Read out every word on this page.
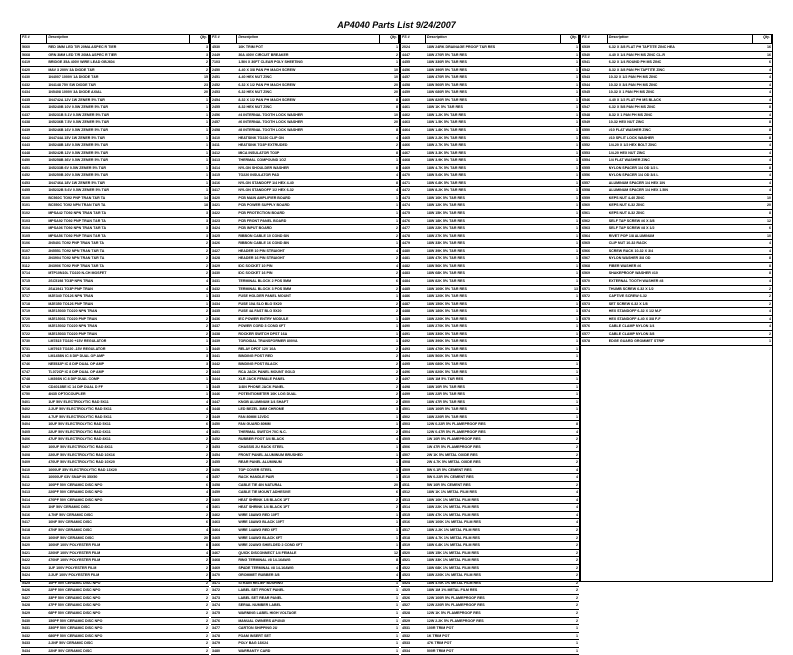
AP4040 Parts List 9/24/2007
FS #	Description	Qty.
5660	RED 3MM LED T/R 20MA ASPEC R TIER	3
5668	GRN 3MM LED T/R 20MA ASPEC R TIER	3
6419	BRIDGE 35A 400V WIRE LEAD GBJ604	2
6420	MAV 3 200V 3A DIODE T&R	2
6430	1N4007 1000V 1A DIODE T&R	15
6432	1N4148 75V SW DIODE T&R	23
6434	1N5408 1000V 3A DIODE AXIAL	20
6435	1N4742A 12V 1W ZENER 5% T&R	1
6436	1N5240B 10V 0.5W ZENER 5% T&R	1
6437	1N5231B 5.1V 0.5W ZENER 5% T&R	1
6438	1N5236B 7.5V 0.5W ZENER 5% T&R	1
6439	1N5246B 16V 0.5W ZENER 5% T&R	1
6442	1N4744A 15V 1W ZENER 5% T&R	1
6443	1N5248B 18V 0.5W ZENER 5% T&R	1
6448	1N5242B 12V 0.5W ZENER 5% T&R	1
6450	1N5258B 36V 0.5W ZENER 5% T&R	1
6451	1N5233B 6V 0.5W ZENER 5% T&R	1
6452	1N5250B 20V 0.5W ZENER 5% T&R	1
6453	1N4746A 18V 1W ZENER 5% T&R	1
6455	1N5232B 5.6V 0.5W ZENER 5% T&R	1
5100	BC560C TO92 PNP TRAN T&R TA	14
5101	BC550C TO92 NPN TRAN T&R TA	18
5102	MPSA42 TO92 NPN TRAN T&R TA	3
5103	MPSA92 TO92 PNP TRAN T&R TA	3
5104	MPSA06 TO92 NPN TRAN T&R TA	3
5105	MPSA56 TO92 PNP TRAN T&R TA	3
5106	2N5401 TO92 PNP TRAN T&R TA	2
5107	2N5551 TO92 NPN TRAN T&R TA	2
5110	2N3904 TO92 NPN TRAN T&R TA	2
5112	2N3906 TO92 PNP TRAN T&R TA	2
5714	MTP10N10L TO220 N-CH MOSFET	2
5715	2SC5198 TO3P NPN TRAN	4
5716	2SA1941 TO3P PNP TRAN	4
5717	MJE340 TO126 NPN TRAN	1
5718	MJE350 TO126 PNP TRAN	1
5719	MJE15030 TO220 NPN TRAN	2
5720	MJE15031 TO220 PNP TRAN	2
5721	MJE15032 TO220 NPN TRAN	2
5722	MJE15033 TO220 PNP TRAN	2
5730	LM7815 TO220 +15V REGULATOR	1
5731	LM7915 TO220 -15V REGULATOR	1
6745	LM1458N IC 8 DIP DUAL OP AMP	3
6746	NE5532P IC 8 DIP DUAL OP AMP	3
6747	TL072CP IC 8 DIP DUAL OP AMP	2
6748	LM393N IC 8 DIP DUAL COMP	1
6749	CD4013BE IC 14 DIP DUAL D FF	1
6750	4N35 OPTOCOUPLER	1
5401	1UF 50V ELECTROLYTIC RAD 5X11	4
5402	2.2UF 50V ELECTROLYTIC RAD 5X11	4
5403	4.7UF 50V ELECTROLYTIC RAD 5X11	2
5404	10UF 50V ELECTROLYTIC RAD 5X11	6
5405	22UF 50V ELECTROLYTIC RAD 6X11	4
5406	47UF 50V ELECTROLYTIC RAD 8X11	2
5407	100UF 50V ELECTROLYTIC RAD 8X11	2
5408	220UF 50V ELECTROLYTIC RAD 10X16	2
5409	470UF 50V ELECTROLYTIC RAD 10X20	2
5410	1000UF 35V ELECTROLYTIC RAD 13X20	2
5411	10000UF 63V SNAP IN 35X50	4
5412	100PF 50V CERAMIC DISC NPO	6
5413	220PF 50V CERAMIC DISC NPO	4
5414	470PF 50V CERAMIC DISC NPO	2
5415	1NF 50V CERAMIC DISC	4
5416	4.7NF 50V CERAMIC DISC	2
5417	10NF 50V CERAMIC DISC	6
5418	47NF 50V CERAMIC DISC	4
5419	100NF 50V CERAMIC DISC	20
5420	100NF 100V POLYESTER FILM	8
5421	220NF 100V POLYESTER FILM	4
5422	470NF 100V POLYESTER FILM	2
5423	1UF 100V POLYESTER FILM	2
5424	2.2UF 100V POLYESTER FILM	2
5425	10PF 50V CERAMIC DISC NPO	2
5426	22PF 50V CERAMIC DISC NPO	2
5427	33PF 50V CERAMIC DISC NPO	2
5428	47PF 50V CERAMIC DISC NPO	2
5429	68PF 50V CERAMIC DISC NPO	2
5430	150PF 50V CERAMIC DISC NPO	2
5431	330PF 50V CERAMIC DISC NPO	2
5432	680PF 50V CERAMIC DISC NPO	2
5433	2.2NF 50V CERAMIC DISC	2
5434	22NF 50V CERAMIC DISC	2
FS #	Description	Qty.
4530	10K TRIM POT	1
2449	30A 400V CIRCUIT BREAKER	2
7103	1.5IN X 30FT CLEAR POLY SHEETING	1
2450	4-40 X 3/8 PAN PH MACH SCREW	10
2451	4-40 HEX NUT ZINC	10
2452	6-32 X 1/2 PAN PH MACH SCREW	20
2453	6-32 HEX NUT ZINC	20
2454	8-32 X 1/2 PAN PH MACH SCREW	8
2455	8-32 HEX NUT ZINC	8
2456	#4 INTERNAL TOOTH LOCK WASHER	10
2457	#6 INTERNAL TOOTH LOCK WASHER	20
2458	#8 INTERNAL TOOTH LOCK WASHER	8
3410	HEATSINK TO220 CLIP ON	4
3411	HEATSINK TO3P EXTRUDED	2
3412	MICA INSULATOR TO3P	8
3413	THERMAL COMPOUND 1OZ	1
3414	NYLON SHOULDER WASHER	8
3415	TO220 INSULATOR PAD	4
3416	NYLON STANDOFF 1/4 HEX 4-40	8
3417	NYLON STANDOFF 1/2 HEX 6-32	4
3420	PCB MAIN AMPLIFIER BOARD	1
3421	PCB POWER SUPPLY BOARD	1
3422	PCB PROTECTION BOARD	1
3423	PCB FRONT PANEL BOARD	1
3424	PCB INPUT BOARD	2
3425	RIBBON CABLE 10 COND 6IN	2
3426	RIBBON CABLE 16 COND 8IN	1
3427	HEADER 10 PIN STRAIGHT	4
3428	HEADER 16 PIN STRAIGHT	2
3429	IDC SOCKET 10 PIN	4
3430	IDC SOCKET 16 PIN	2
3431	TERMINAL BLOCK 2 POS 5MM	6
3432	TERMINAL BLOCK 3 POS 5MM	2
3433	FUSE HOLDER PANEL MOUNT	1
3434	FUSE 10A SLO BLO 5X20	2
3435	FUSE 4A FAST BLO 5X20	2
3436	IEC POWER ENTRY MODULE	1
3437	POWER CORD 3 COND 6FT	1
3438	ROCKER SWITCH DPST 16A	1
3439	TOROIDAL TRANSFORMER 800VA	1
3440	RELAY DPDT 12V 10A	2
3441	BINDING POST RED	2
3442	BINDING POST BLACK	2
3443	RCA JACK PANEL MOUNT GOLD	2
3444	XLR JACK FEMALE PANEL	2
3445	1/4IN PHONE JACK PANEL	2
3446	POTENTIOMETER 10K LOG DUAL	2
3447	KNOB ALUMINUM 1/4 SHAFT	2
3448	LED BEZEL 3MM CHROME	3
3449	FAN 80MM 12VDC	1
3450	FAN GUARD 80MM	1
3451	THERMAL SWITCH 70C N.C.	2
3452	RUBBER FOOT 3/4 BLACK	4
3453	CHASSIS 2U RACK STEEL	1
3454	FRONT PANEL ALUMINUM BRUSHED	1
3455	REAR PANEL ALUMINUM	1
3456	TOP COVER STEEL	1
3457	RACK HANDLE PAIR	1
3458	CABLE TIE 4IN NATURAL	20
3459	CABLE TIE MOUNT ADHESIVE	6
3460	HEAT SHRINK 1/8 BLACK 1FT	2
3461	HEAT SHRINK 1/4 BLACK 1FT	2
3462	WIRE 18AWG RED 10FT	1
3463	WIRE 18AWG BLACK 10FT	1
3464	WIRE 14AWG RED 6FT	1
3465	WIRE 14AWG BLACK 6FT	1
3466	WIRE 22AWG SHIELDED 2 COND 6FT	1
3467	QUICK DISCONNECT 1/4 FEMALE	12
3468	RING TERMINAL #8 14-16AWG	8
3469	SPADE TERMINAL #8 14-16AWG	4
3470	GROMMET RUBBER 3/8	4
3471	STRAIN RELIEF BUSHING	1
3472	LABEL SET FRONT PANEL	1
3473	LABEL SET REAR PANEL	1
3474	SERIAL NUMBER LABEL	1
3475	WARNING LABEL HIGH VOLTAGE	1
3476	MANUAL OWNERS AP4040	1
3477	CARTON SHIPPING 2U	1
3478	FOAM INSERT SET	1
3479	POLY BAG 18X24	1
3480	WARRANTY CARD	1
FS #	Description	Qty.
2024	18W 24RK DRAINAGE PROOF T&R RES	1
4447	18W 270R 5% T&R RES	1
4455	18W 330R 5% T&R RES	1
4456	18W 390R 5% T&R RES	1
4457	18W 470R 5% T&R RES	1
4458	18W 560R 5% T&R RES	1
4459	18W 680R 5% T&R RES	1
4460	18W 820R 5% T&R RES	1
4461	18W 1K 5% T&R RES	1
4462	18W 1.2K 5% T&R RES	1
4463	18W 1.5K 5% T&R RES	1
4464	18W 1.8K 5% T&R RES	1
4465	18W 2.2K 5% T&R RES	1
4466	18W 2.7K 5% T&R RES	1
4467	18W 3.3K 5% T&R RES	1
4468	18W 3.9K 5% T&R RES	1
4469	18W 4.7K 5% T&R RES	1
4470	18W 5.6K 5% T&R RES	1
4471	18W 6.8K 5% T&R RES	1
4472	18W 8.2K 5% T&R RES	1
4473	18W 10K 5% T&R RES	1
4474	18W 12K 5% T&R RES	1
4475	18W 15K 5% T&R RES	1
4476	18W 18K 5% T&R RES	1
4477	18W 22K 5% T&R RES	1
4478	18W 27K 5% T&R RES	1
4479	18W 33K 5% T&R RES	1
4480	18W 39K 5% T&R RES	1
4481	18W 47K 5% T&R RES	1
4482	18W 56K 5% T&R RES	1
4483	18W 68K 5% T&R RES	1
4484	18W 82K 5% T&R RES	1
4485	18W 100K 5% T&R RES	13
4486	18W 120K 5% T&R RES	1
4487	18W 150K 5% T&R RES	1
4488	18W 180K 5% T&R RES	1
4489	18W 220K 5% T&R RES	1
4490	18W 270K 5% T&R RES	1
4491	18W 330K 5% T&R RES	1
4492	18W 390K 5% T&R RES	1
4493	18W 470K 5% T&R RES	1
4494	18W 560K 5% T&R RES	1
4495	18W 680K 5% T&R RES	1
4496	18W 820K 5% T&R RES	1
4497	18W 1M 5% T&R RES	1
4498	18W 10R 5% T&R RES	1
4499	18W 22R 5% T&R RES	1
4500	18W 47R 5% T&R RES	1
4501	18W 100R 5% T&R RES	1
4502	18W 220R 5% T&R RES	1
4503	12W 0.22R 5% FLAMEPROOF RES	8
4504	12W 0.47R 5% FLAMEPROOF RES	4
4505	1W 10R 5% FLAMEPROOF RES	2
4506	1W 47R 5% FLAMEPROOF RES	2
4507	2W 1K 5% METAL OXIDE RES	2
4508	2W 4.7K 5% METAL OXIDE RES	2
4509	5W 0.1R 5% CEMENT RES	4
4510	5W 0.22R 5% CEMENT RES	4
4511	5W 10R 5% CEMENT RES	2
4512	18W 1K 1% METAL FILM RES	4
4513	18W 10K 1% METAL FILM RES	4
4514	18W 22K 1% METAL FILM RES	4
4515	18W 47K 1% METAL FILM RES	4
4516	18W 100K 1% METAL FILM RES	4
4517	18W 2.2K 1% METAL FILM RES	2
4518	18W 4.7K 1% METAL FILM RES	2
4519	18W 6.8K 1% METAL FILM RES	2
4520	18W 15K 1% METAL FILM RES	2
4521	18W 33K 1% METAL FILM RES	2
4522	18W 68K 1% METAL FILM RES	2
4523	18W 220K 1% METAL FILM RES	2
4524	18W 470K 1% METAL FILM RES	2
4525	18W 1M 1% METAL FILM RES	2
4526	12W 100R 5% FLAMEPROOF RES	2
4527	12W 220R 5% FLAMEPROOF RES	2
4528	12W 1K 5% FLAMEPROOF RES	2
4529	12W 2.2K 5% FLAMEPROOF RES	2
4531	100R TRIM POT	1
4532	1K TRIM POT	1
4533	47K TRIM POT	1
4534	500R TRIM POT	1
FS #	Description	Qty.
6539	6-32 X 3/8 FLAT PH TAPTITE ZINC HEA	16
6540	4-40 X 1/4 PAN PH MS ZINC CL-R	16
6541	6-32 X 1/4 ROUND PH MS ZINC	6
6542	8-32 X 3/8 PAN PH TAPTITE ZINC	4
6543	10-32 X 1/2 PAN PH MS ZINC	4
6544	10-32 X 3/4 PAN PH MS ZINC	4
6545	10-32 X 1 PAN PH MS ZINC	4
6546	4-40 X 1/2 FLAT PH MS BLACK	4
6547	6-32 X 5/8 PAN PH MS ZINC	8
6548	8-32 X 1 PAN PH MS ZINC	4
6549	10-32 HEX NUT ZINC	8
6550	#10 FLAT WASHER ZINC	8
6551	#10 SPLIT LOCK WASHER	8
6552	1/4-20 X 1/2 HEX BOLT ZINC	4
6553	1/4-20 HEX NUT ZINC	4
6554	1/4 FLAT WASHER ZINC	4
6555	NYLON SPACER 1/4 OD 1/2 L	8
6556	NYLON SPACER 1/4 OD 3/4 L	4
6557	ALUMINUM SPACER 1/4 HEX 1IN	4
6558	ALUMINUM SPACER 1/4 HEX 1.5IN	4
6559	KEPS NUT 4-40 ZINC	10
6560	KEPS NUT 6-32 ZINC	20
6561	KEPS NUT 8-32 ZINC	8
6562	SELF TAP SCREW #6 X 3/8	12
6563	SELF TAP SCREW #8 X 1/2	6
6564	RIVET POP 1/8 ALUMINUM	10
6565	CLIP NUT 10-32 RACK	4
6566	SCREW RACK 10-32 X 3/4	4
6567	NYLON WASHER 3/8 OD	8
6568	FIBER WASHER #6	8
6569	SHAKEPROOF WASHER #10	8
6570	EXTERNAL TOOTH WASHER #8	4
6571	THUMB SCREW 6-32 X 1/2	2
6572	CAPTIVE SCREW 6-32	2
6573	SET SCREW 6-32 X 1/8	2
6574	HEX STANDOFF 6-32 X 1/2 M-F	4
6575	HEX STANDOFF 4-40 X 3/8 F-F	4
6576	CABLE CLAMP NYLON 1/4	4
6577	CABLE CLAMP NYLON 3/8	2
6578	EDGE GUARD GROMMET STRIP	1
